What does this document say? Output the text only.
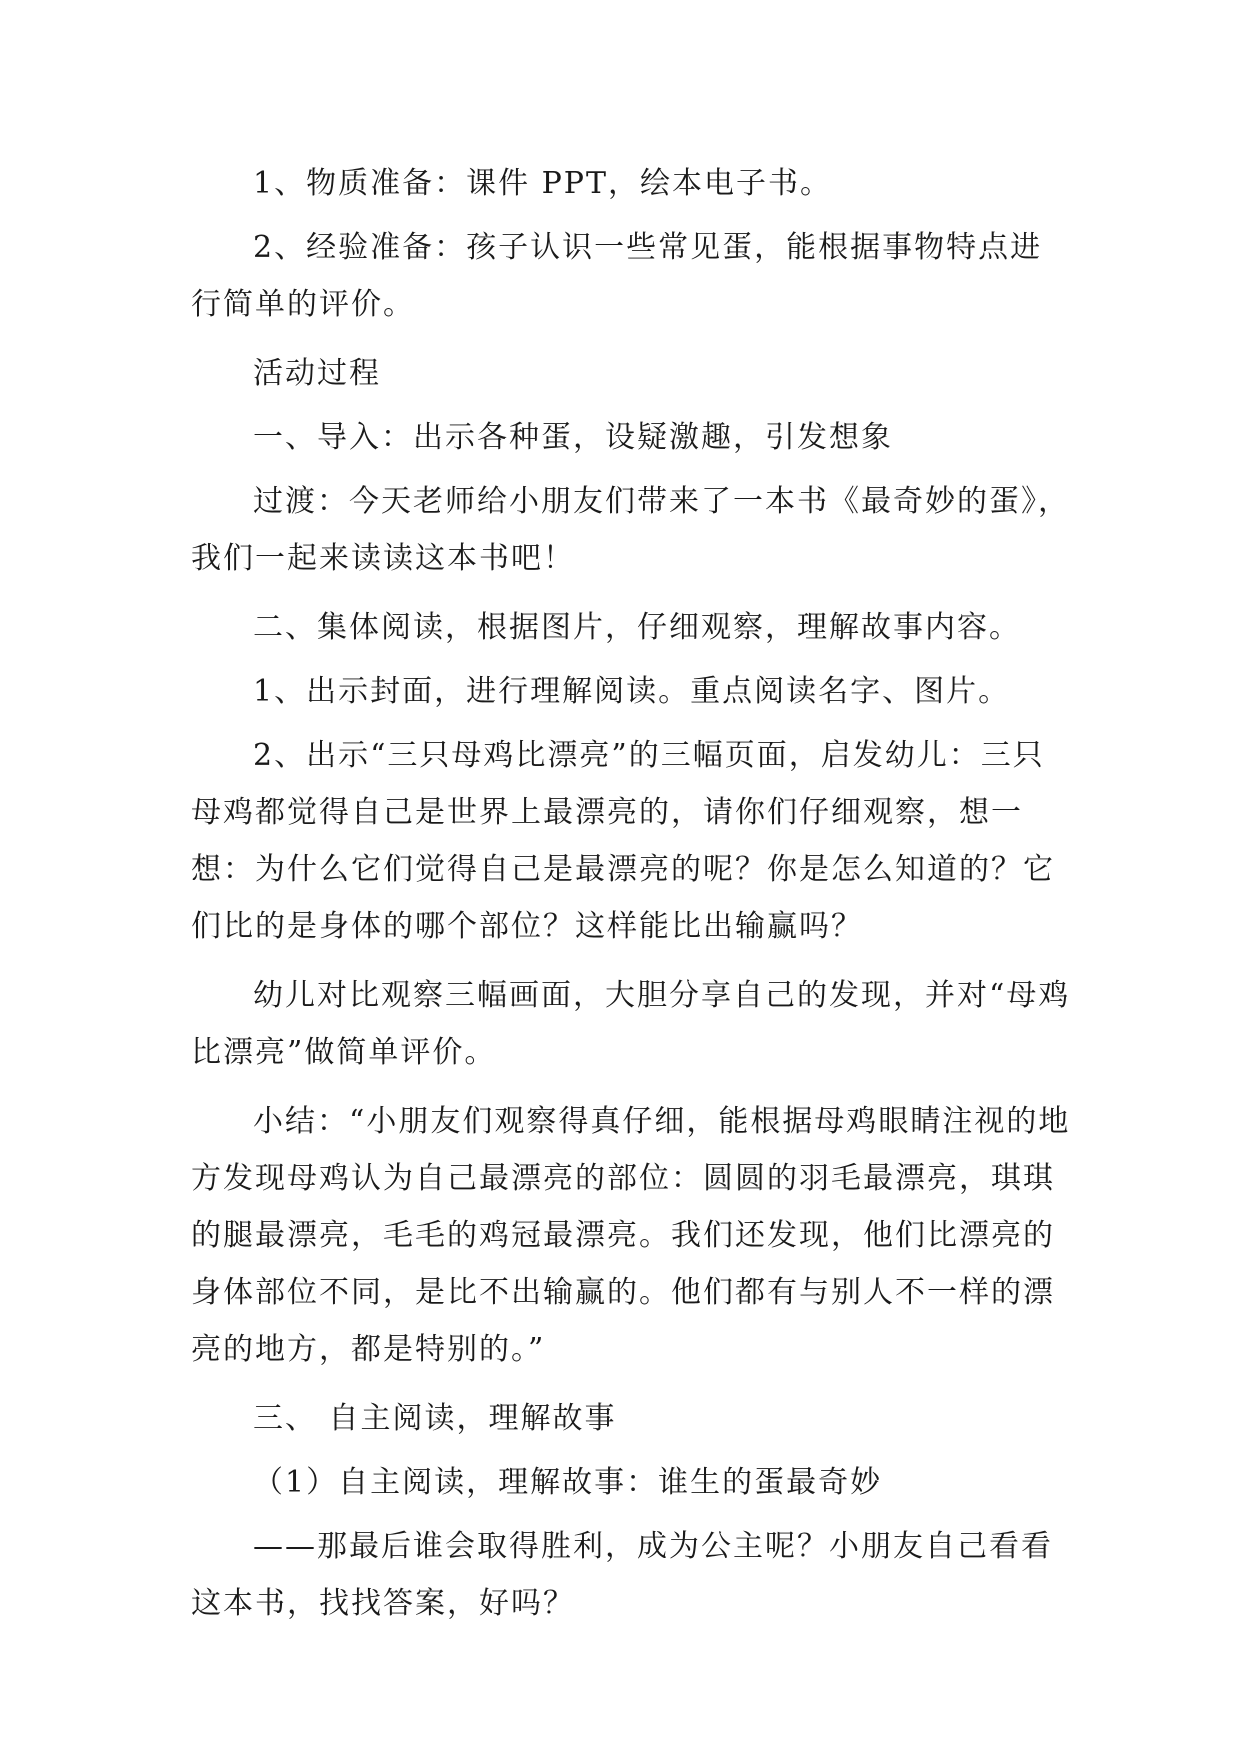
1、物质准备：课件 PPT，绘本电子书。

2、经验准备：孩子认识一些常见蛋，能根据事物特点进行简单的评价。

活动过程

一、导入：出示各种蛋，设疑激趣，引发想象

过渡：今天老师给小朋友们带来了一本书《最奇妙的蛋》，我们一起来读读这本书吧！

二、集体阅读，根据图片，仔细观察，理解故事内容。

1、出示封面，进行理解阅读。重点阅读名字、图片。

2、出示“三只母鸡比漂亮”的三幅页面，启发幼儿：三只母鸡都觉得自己是世界上最漂亮的，请你们仔细观察，想一想：为什么它们觉得自己是最漂亮的呢？你是怎么知道的？它们比的是身体的哪个部位？这样能比出输赢吗？

幼儿对比观察三幅画面，大胆分享自己的发现，并对“母鸡比漂亮”做简单评价。

小结：“小朋友们观察得真仔细，能根据母鸡眼睛注视的地方发现母鸡认为自己最漂亮的部位：圆圆的羽毛最漂亮，琪琪的腿最漂亮，毛毛的鸡冠最漂亮。我们还发现，他们比漂亮的身体部位不同，是比不出输赢的。他们都有与别人不一样的漂亮的地方，都是特别的。”

三、 自主阅读，理解故事

（1）自主阅读，理解故事：谁生的蛋最奇妙

——那最后谁会取得胜利，成为公主呢？小朋友自己看看这本书，找找答案，好吗？
